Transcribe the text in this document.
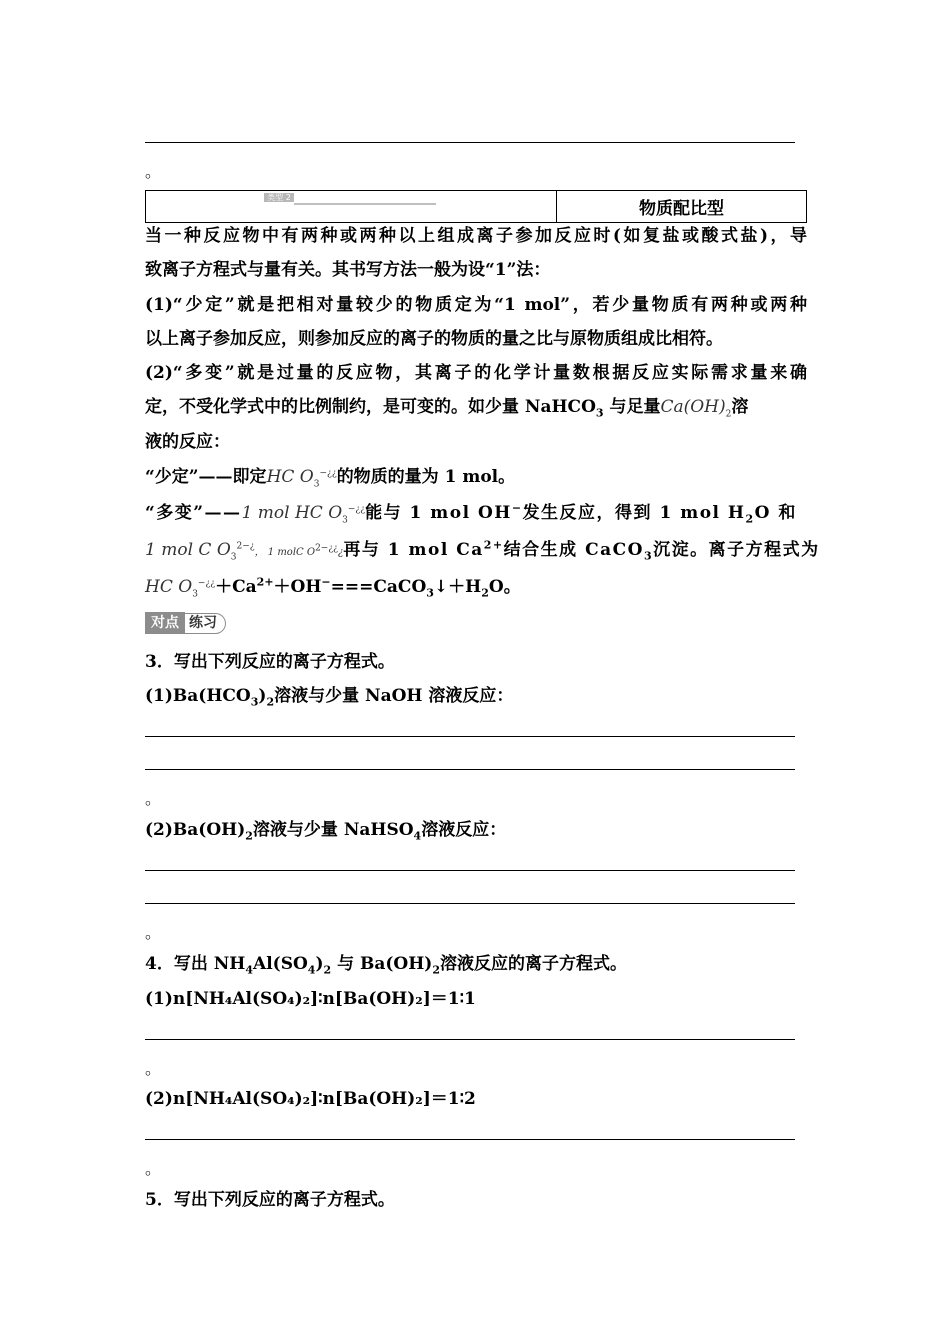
。
类型 2
	物质配比型
当一种反应物中有两种或两种以上组成离子参加反应时(如复盐或酸式盐)，导
致离子方程式与量有关。其书写方法一般为设“1”法：
(1)“少定”就是把相对量较少的物质定为“1 mol”，若少量物质有两种或两种
以上离子参加反应，则参加反应的离子的物质的量之比与原物质组成比相符。
(2)“多变”就是过量的反应物，其离子的化学计量数根据反应实际需求量来确
定，不受化学式中的比例制约，是可变的。如少量 NaHCO$_3$ 与足量$Ca(OH)_2$溶
液的反应：
“少定”——即定HC $O_3^{-¿¿}$的物质的量为 1 mol。
“多变”——1 mol HC $O_3^{-¿¿}$能与 1 mol OH−发生反应，得到 1 mol $H_2O$ 和
1 mol C $O_3^{2-¿}$， 1 molC $O^{2-¿¿}¿$再与 1 mol $Ca^{2+}$结合生成 CaCO$_3$沉淀。离子方程式为
HC $O_3^{-¿¿}+Ca^{2+}+OH^-===CaCO_3↓+H_2O$。
对点 练习
3．写出下列反应的离子方程式。
$(1)Ba(HCO_3)_2$溶液与少量 NaOH 溶液反应：
。
$(2)Ba(OH)_2$溶液与少量 NaHSO$_4$溶液反应：
。
4．写出 $NH_4Al(SO_4)_2$ 与 $Ba(OH)_2$溶液反应的离子方程式。
(1)n[NH₄Al(SO₄)₂]∶n[Ba(OH)₂]＝1∶1
。
(2)n[NH₄Al(SO₄)₂]∶n[Ba(OH)₂]＝1∶2
。
5．写出下列反应的离子方程式。
